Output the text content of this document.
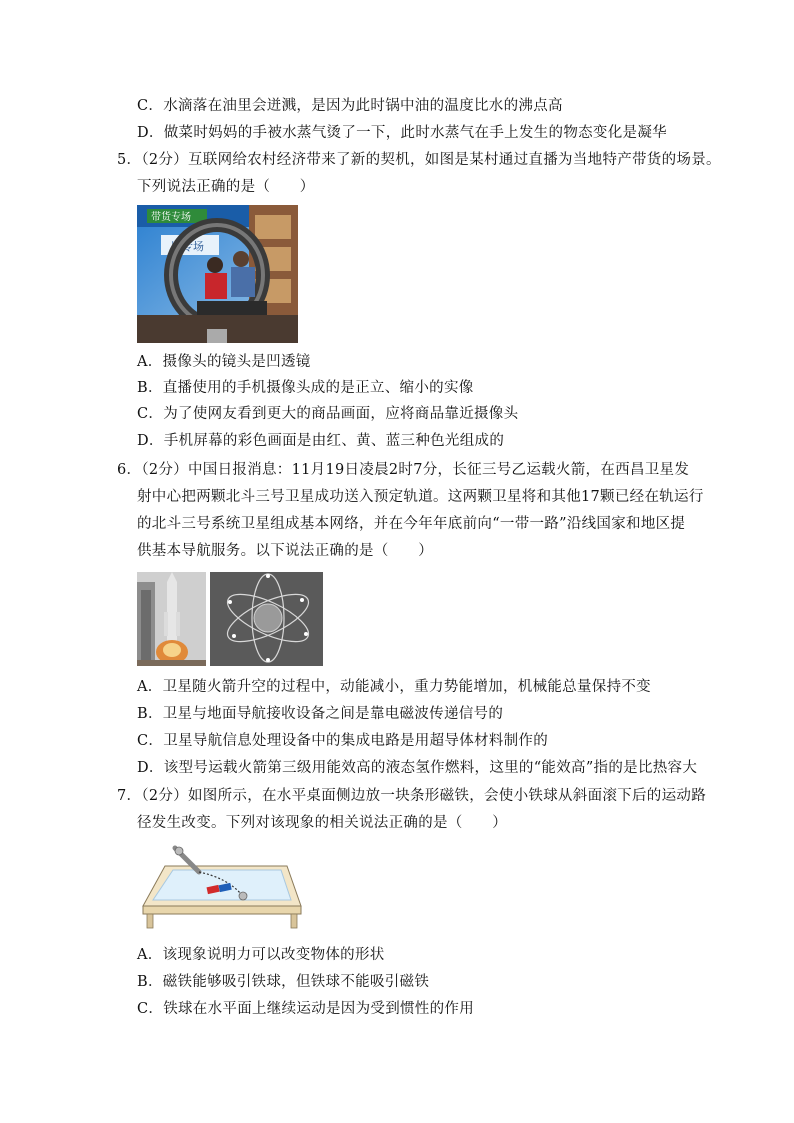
C．水滴落在油里会迸溅，是因为此时锅中油的温度比水的沸点高
D．做菜时妈妈的手被水蒸气烫了一下，此时水蒸气在手上发生的物态变化是凝华
5．（2分）互联网给农村经济带来了新的契机，如图是某村通过直播为当地特产带货的场景。
下列说法正确的是（　　）
带货专场
鉴专场
A．摄像头的镜头是凹透镜
B．直播使用的手机摄像头成的是正立、缩小的实像
C．为了使网友看到更大的商品画面，应将商品靠近摄像头
D．手机屏幕的彩色画面是由红、黄、蓝三种色光组成的
6．（2分）中国日报消息：11月19日凌晨2时7分，长征三号乙运载火箭，在西昌卫星发
射中心把两颗北斗三号卫星成功送入预定轨道。这两颗卫星将和其他17颗已经在轨运行
的北斗三号系统卫星组成基本网络，并在今年年底前向“一带一路”沿线国家和地区提
供基本导航服务。以下说法正确的是（　　）
A．卫星随火箭升空的过程中，动能减小，重力势能增加，机械能总量保持不变
B．卫星与地面导航接收设备之间是靠电磁波传递信号的
C．卫星导航信息处理设备中的集成电路是用超导体材料制作的
D．该型号运载火箭第三级用能效高的液态氢作燃料，这里的“能效高”指的是比热容大
7．（2分）如图所示，在水平桌面侧边放一块条形磁铁，会使小铁球从斜面滚下后的运动路
径发生改变。下列对该现象的相关说法正确的是（　　）
A．该现象说明力可以改变物体的形状
B．磁铁能够吸引铁球，但铁球不能吸引磁铁
C．铁球在水平面上继续运动是因为受到惯性的作用
